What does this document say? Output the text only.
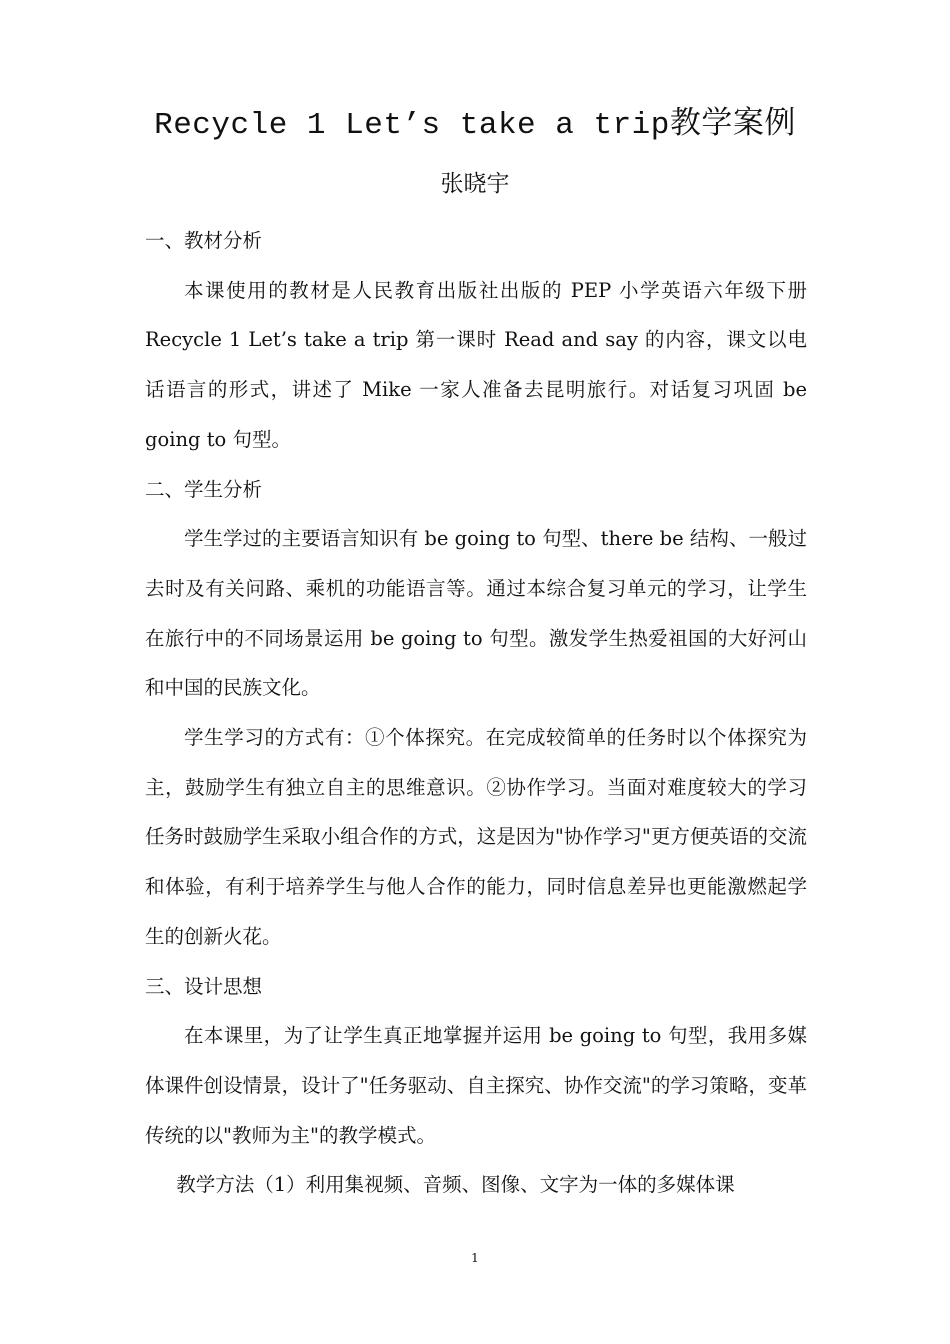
Recycle 1 Let’s take a trip教学案例
张晓宇

一、教材分析

本课使用的教材是人民教育出版社出版的 PEP 小学英语六年级下册 Recycle 1 Let’s take a trip 第一课时 Read and say 的内容，课文以电话语言的形式，讲述了 Mike 一家人准备去昆明旅行。对话复习巩固 be going to 句型。

二、学生分析

学生学过的主要语言知识有 be going to 句型、there be 结构、一般过去时及有关问路、乘机的功能语言等。通过本综合复习单元的学习，让学生在旅行中的不同场景运用 be going to 句型。激发学生热爱祖国的大好河山和中国的民族文化。

学生学习的方式有：①个体探究。在完成较简单的任务时以个体探究为主，鼓励学生有独立自主的思维意识。②协作学习。当面对难度较大的学习任务时鼓励学生采取小组合作的方式，这是因为"协作学习"更方便英语的交流和体验，有利于培养学生与他人合作的能力，同时信息差异也更能激燃起学生的创新火花。

三、设计思想

在本课里，为了让学生真正地掌握并运用 be going to 句型，我用多媒体课件创设情景，设计了"任务驱动、自主探究、协作交流"的学习策略，变革传统的以"教师为主"的教学模式。

教学方法（1）利用集视频、音频、图像、文字为一体的多媒体课

1
